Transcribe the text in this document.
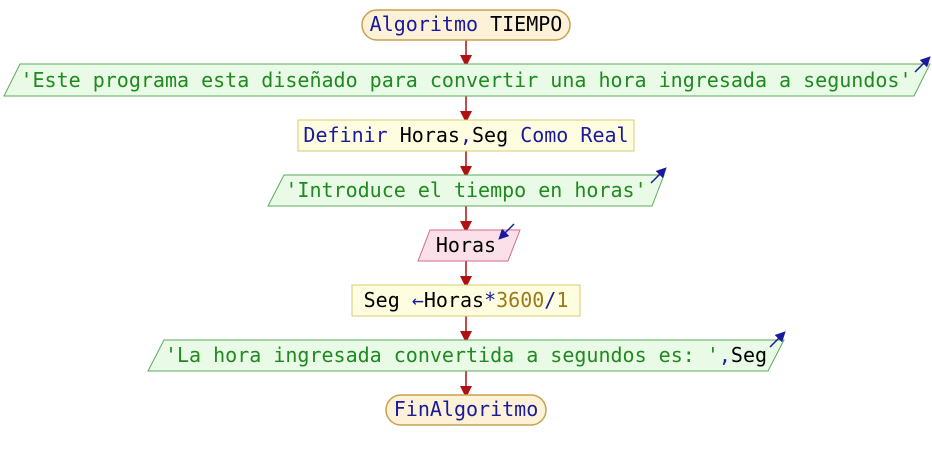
Algoritmo TIEMPO
'Este programa esta diseñado para convertir una hora ingresada a segundos'
Definir Horas,Seg Como Real
'Introduce el tiempo en horas'
Horas
Seg ←Horas*3600/1
'La hora ingresada convertida a segundos es: ',Seg
FinAlgoritmo
